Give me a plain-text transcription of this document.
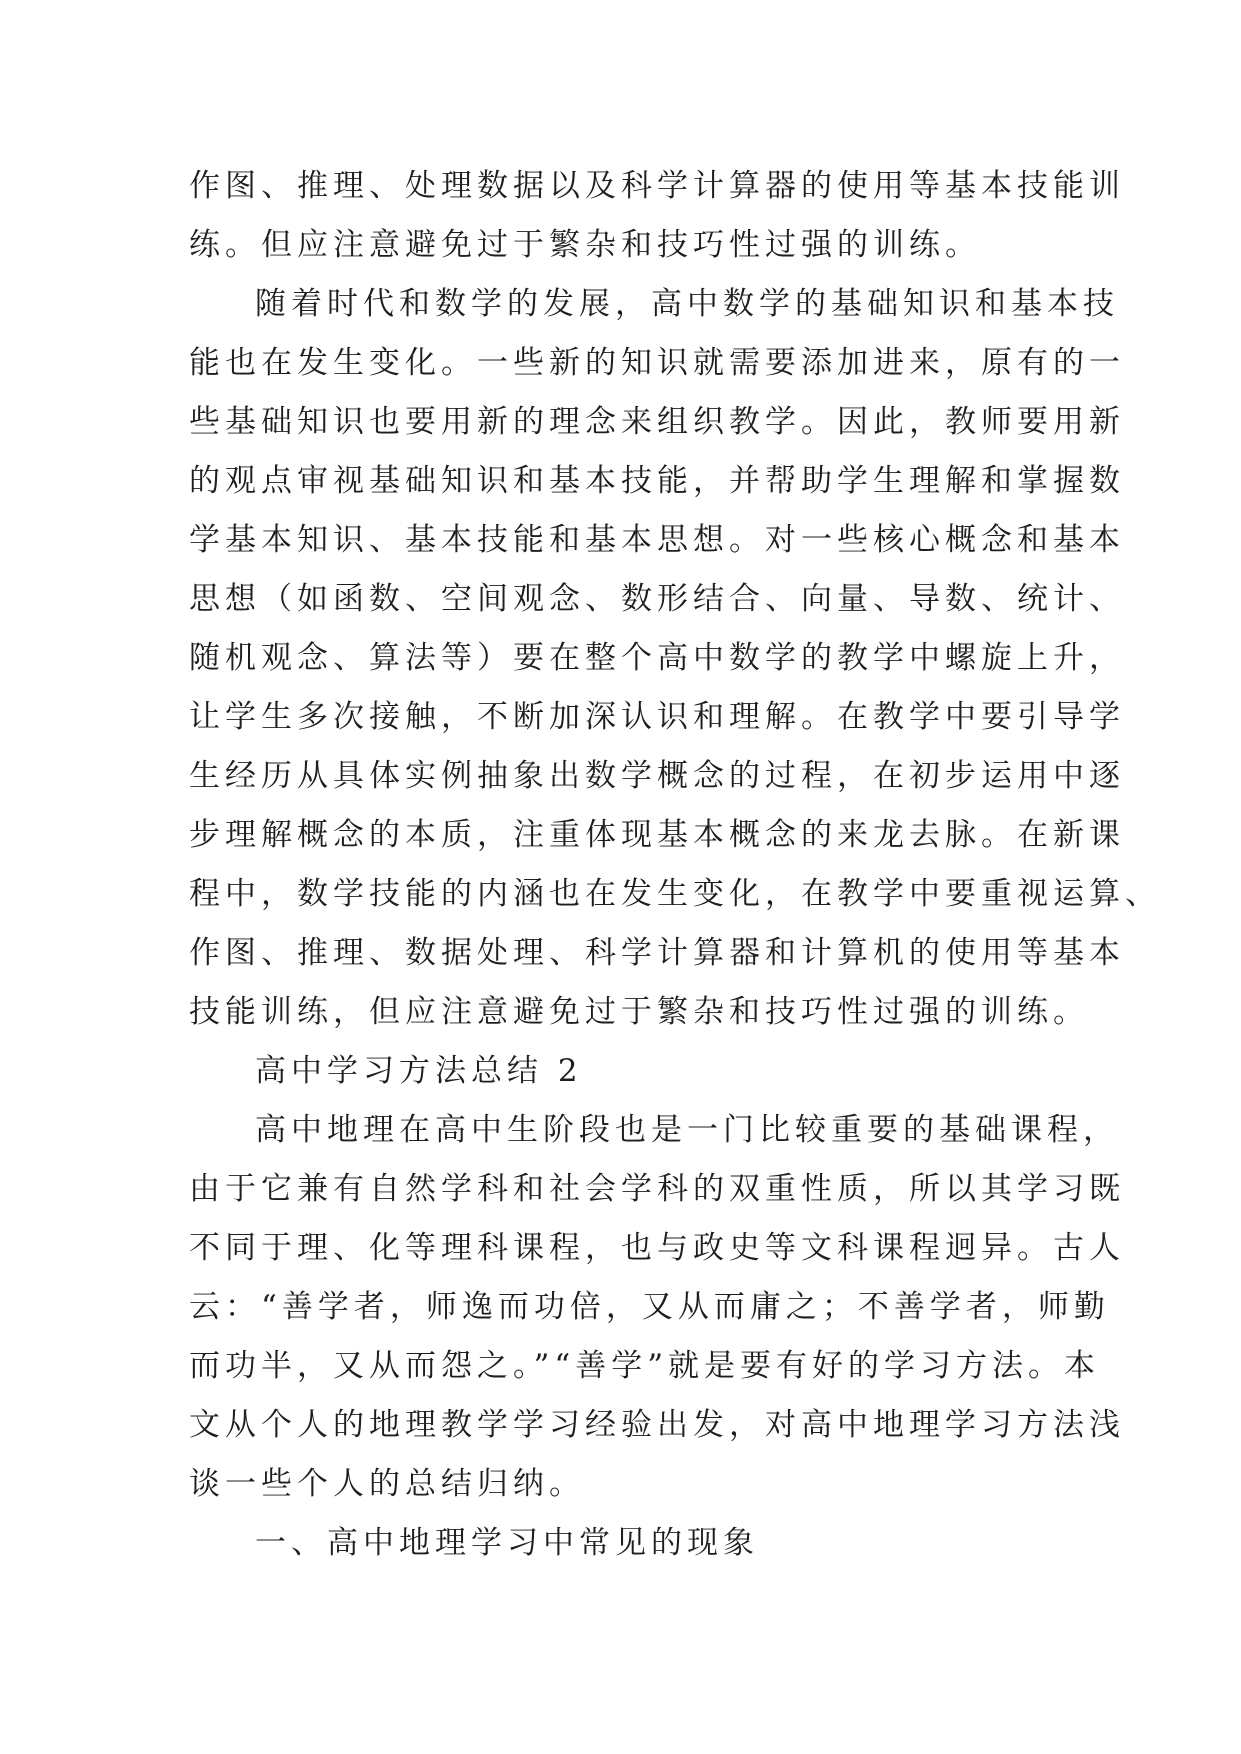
作图、推理、处理数据以及科学计算器的使用等基本技能训
练。但应注意避免过于繁杂和技巧性过强的训练。
随着时代和数学的发展，高中数学的基础知识和基本技
能也在发生变化。一些新的知识就需要添加进来，原有的一
些基础知识也要用新的理念来组织教学。因此，教师要用新
的观点审视基础知识和基本技能，并帮助学生理解和掌握数
学基本知识、基本技能和基本思想。对一些核心概念和基本
思想（如函数、空间观念、数形结合、向量、导数、统计、
随机观念、算法等）要在整个高中数学的教学中螺旋上升，
让学生多次接触，不断加深认识和理解。在教学中要引导学
生经历从具体实例抽象出数学概念的过程，在初步运用中逐
步理解概念的本质，注重体现基本概念的来龙去脉。在新课
程中，数学技能的内涵也在发生变化，在教学中要重视运算、
作图、推理、数据处理、科学计算器和计算机的使用等基本
技能训练，但应注意避免过于繁杂和技巧性过强的训练。
高中学习方法总结 2
高中地理在高中生阶段也是一门比较重要的基础课程，
由于它兼有自然学科和社会学科的双重性质，所以其学习既
不同于理、化等理科课程，也与政史等文科课程迥异。古人
云：“善学者，师逸而功倍，又从而庸之；不善学者，师勤
而功半，又从而怨之。”“善学”就是要有好的学习方法。本
文从个人的地理教学学习经验出发，对高中地理学习方法浅
谈一些个人的总结归纳。
一、高中地理学习中常见的现象
